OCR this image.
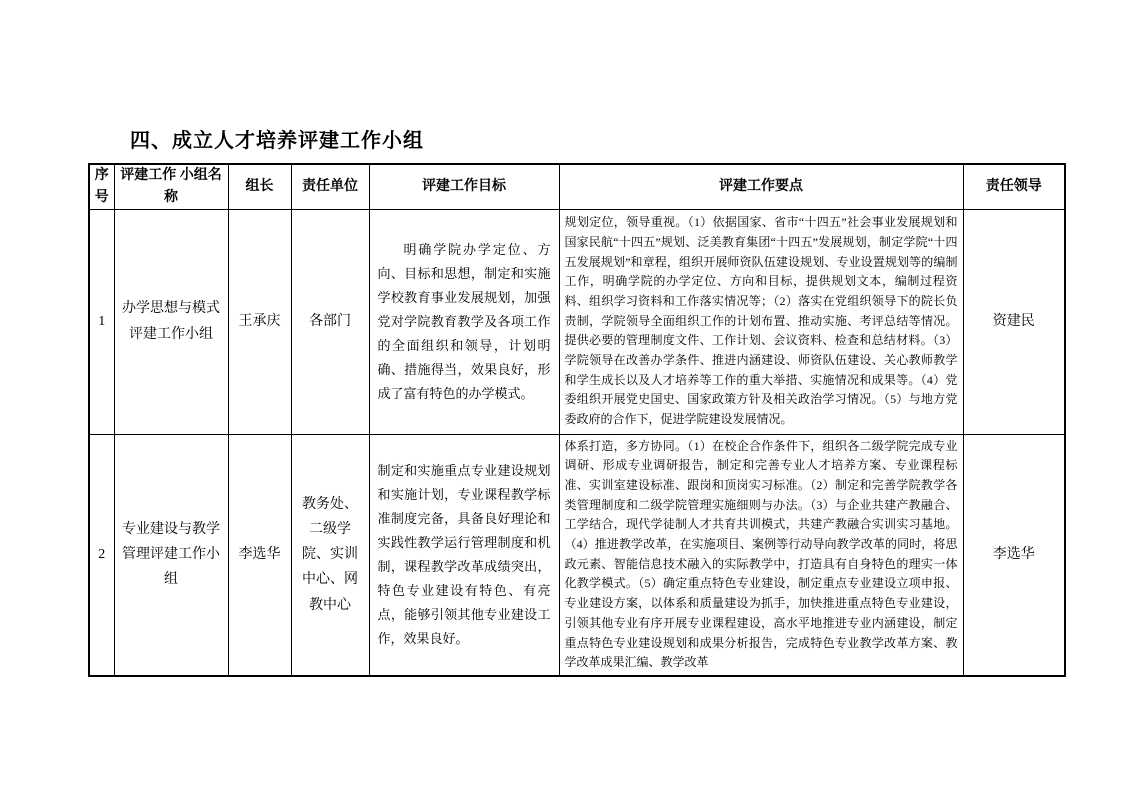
四、成立人才培养评建工作小组
序号	评建工作 小组名称	组长	责任单位	评建工作目标	评建工作要点	责任领导
1	办学思想与模式评建工作小组	王承庆	各部门	明确学院办学定位、方向、目标和思想，制定和实施学校教育事业发展规划，加强党对学院教育教学及各项工作的全面组织和领导，计划明确、措施得当，效果良好，形成了富有特色的办学模式。	规划定位，领导重视。（1）依据国家、省市“十四五”社会事业发展规划和国家民航“十四五”规划、泛美教育集团“十四五”发展规划，制定学院“十四五发展规划”和章程，组织开展师资队伍建设规划、专业设置规划等的编制工作，明确学院的办学定位、方向和目标，提供规划文本，编制过程资料、组织学习资料和工作落实情况等；（2）落实在党组织领导下的院长负责制，学院领导全面组织工作的计划布置、推动实施、考评总结等情况。提供必要的管理制度文件、工作计划、会议资料、检查和总结材料。（3）学院领导在改善办学条件、推进内涵建设、师资队伍建设、关心教师教学和学生成长以及人才培养等工作的重大举措、实施情况和成果等。（4）党委组织开展党史国史、国家政策方针及相关政治学习情况。（5）与地方党委政府的合作下，促进学院建设发展情况。	资建民
2	专业建设与教学管理评建工作小组	李选华	教务处、二级学院、实训中心、网教中心	制定和实施重点专业建设规划和实施计划，专业课程教学标准制度完备，具备良好理论和实践性教学运行管理制度和机制，课程教学改革成绩突出，特色专业建设有特色、有亮点，能够引领其他专业建设工作，效果良好。	体系打造，多方协同。（1）在校企合作条件下，组织各二级学院完成专业调研、形成专业调研报告，制定和完善专业人才培养方案、专业课程标准、实训室建设标准、跟岗和顶岗实习标准。（2）制定和完善学院教学各类管理制度和二级学院管理实施细则与办法。（3）与企业共建产教融合、工学结合，现代学徒制人才共育共训模式，共建产教融合实训实习基地。（4）推进教学改革，在实施项目、案例等行动导向教学改革的同时，将思政元素、智能信息技术融入的实际教学中，打造具有自身特色的理实一体化教学模式。（5）确定重点特色专业建设，制定重点专业建设立项申报、专业建设方案，以体系和质量建设为抓手，加快推进重点特色专业建设，引领其他专业有序开展专业课程建设，高水平地推进专业内涵建设，制定重点特色专业建设规划和成果分析报告，完成特色专业教学改革方案、教学改革成果汇编、教学改革	李选华
